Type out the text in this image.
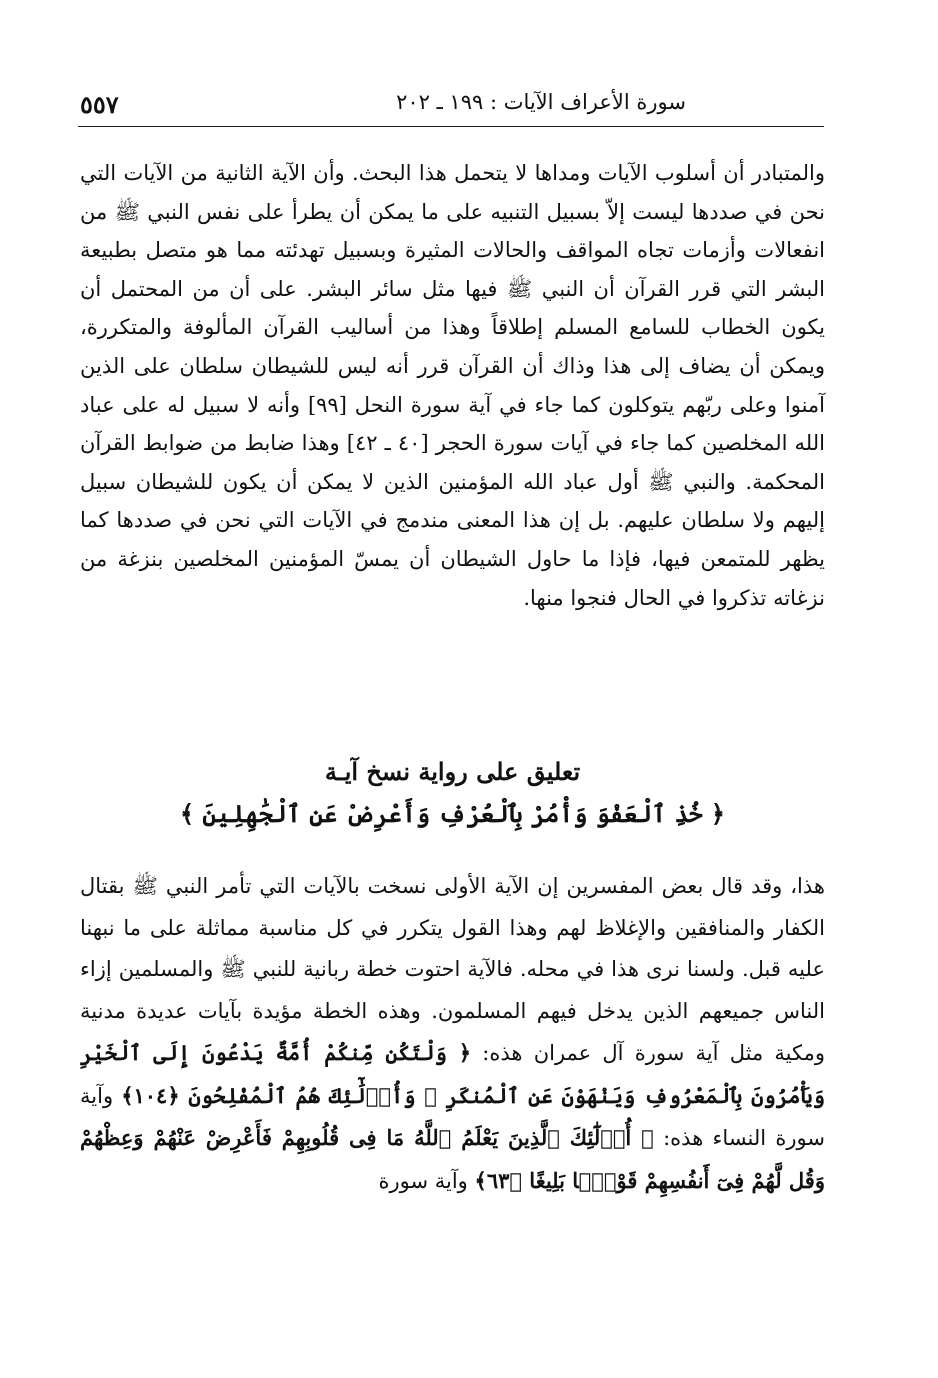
سورة الأعراف الآيات : ١٩٩ ـ ٢٠٢
٥٥٧

والمتبادر أن أسلوب الآيات ومداها لا يتحمل هذا البحث. وأن الآية الثانية من الآيات التي نحن في صددها ليست إلاّ بسبيل التنبيه على ما يمكن أن يطرأ على نفس النبي ﷺ من انفعالات وأزمات تجاه المواقف والحالات المثيرة وبسبيل تهدئته مما هو متصل بطبيعة البشر التي قرر القرآن أن النبي ﷺ فيها مثل سائر البشر. على أن من المحتمل أن يكون الخطاب للسامع المسلم إطلاقاً وهذا من أساليب القرآن المألوفة والمتكررة، ويمكن أن يضاف إلى هذا وذاك أن القرآن قرر أنه ليس للشيطان سلطان على الذين آمنوا وعلى ربّهم يتوكلون كما جاء في آية سورة النحل [٩٩] وأنه لا سبيل له على عباد الله المخلصين كما جاء في آيات سورة الحجر [٤٠ ـ ٤٢] وهذا ضابط من ضوابط القرآن المحكمة. والنبي ﷺ أول عباد الله المؤمنين الذين لا يمكن أن يكون للشيطان سبيل إليهم ولا سلطان عليهم. بل إن هذا المعنى مندمج في الآيات التي نحن في صددها كما يظهر للمتمعن فيها، فإذا ما حاول الشيطان أن يمسّ المؤمنين المخلصين بنزغة من نزغاته تذكروا في الحال فنجوا منها.

تعليق على رواية نسخ آيـة

﴿ خُذِ ٱلْعَفْوَ وَأْمُرْ بِٱلْعُرْفِ وَأَعْرِضْ عَنِ ٱلْجَٰهِلِينَ ﴾

هذا، وقد قال بعض المفسرين إن الآية الأولى نسخت بالآيات التي تأمر النبي ﷺ بقتال الكفار والمنافقين والإغلاظ لهم وهذا القول يتكرر في كل مناسبة مماثلة على ما نبهنا عليه قبل. ولسنا نرى هذا في محله. فالآية احتوت خطة ربانية للنبي ﷺ والمسلمين إزاء الناس جميعهم الذين يدخل فيهم المسلمون. وهذه الخطة مؤيدة بآيات عديدة مدنية ومكية مثل آية سورة آل عمران هذه: ﴿ وَلْتَكُن مِّنكُمْ أُمَّةٌ يَدْعُونَ إِلَى ٱلْخَيْرِ وَيَأْمُرُونَ بِٱلْمَعْرُوفِ وَيَنْهَوْنَ عَنِ ٱلْمُنكَرِ ۚ وَأُو۟لَٰٓئِكَ هُمُ ٱلْمُفْلِحُونَ ﴿١٠٤﴾ وآية سورة النساء هذه: ﴿ أُو۟لَٰٓئِكَ ٱلَّذِينَ يَعْلَمُ ٱللَّهُ مَا فِى قُلُوبِهِمْ فَأَعْرِضْ عَنْهُمْ وَعِظْهُمْ وَقُل لَّهُمْ فِىٓ أَنفُسِهِمْ قَوْلًۢا بَلِيغًا ﴿٦٣﴾ وآية سورة
